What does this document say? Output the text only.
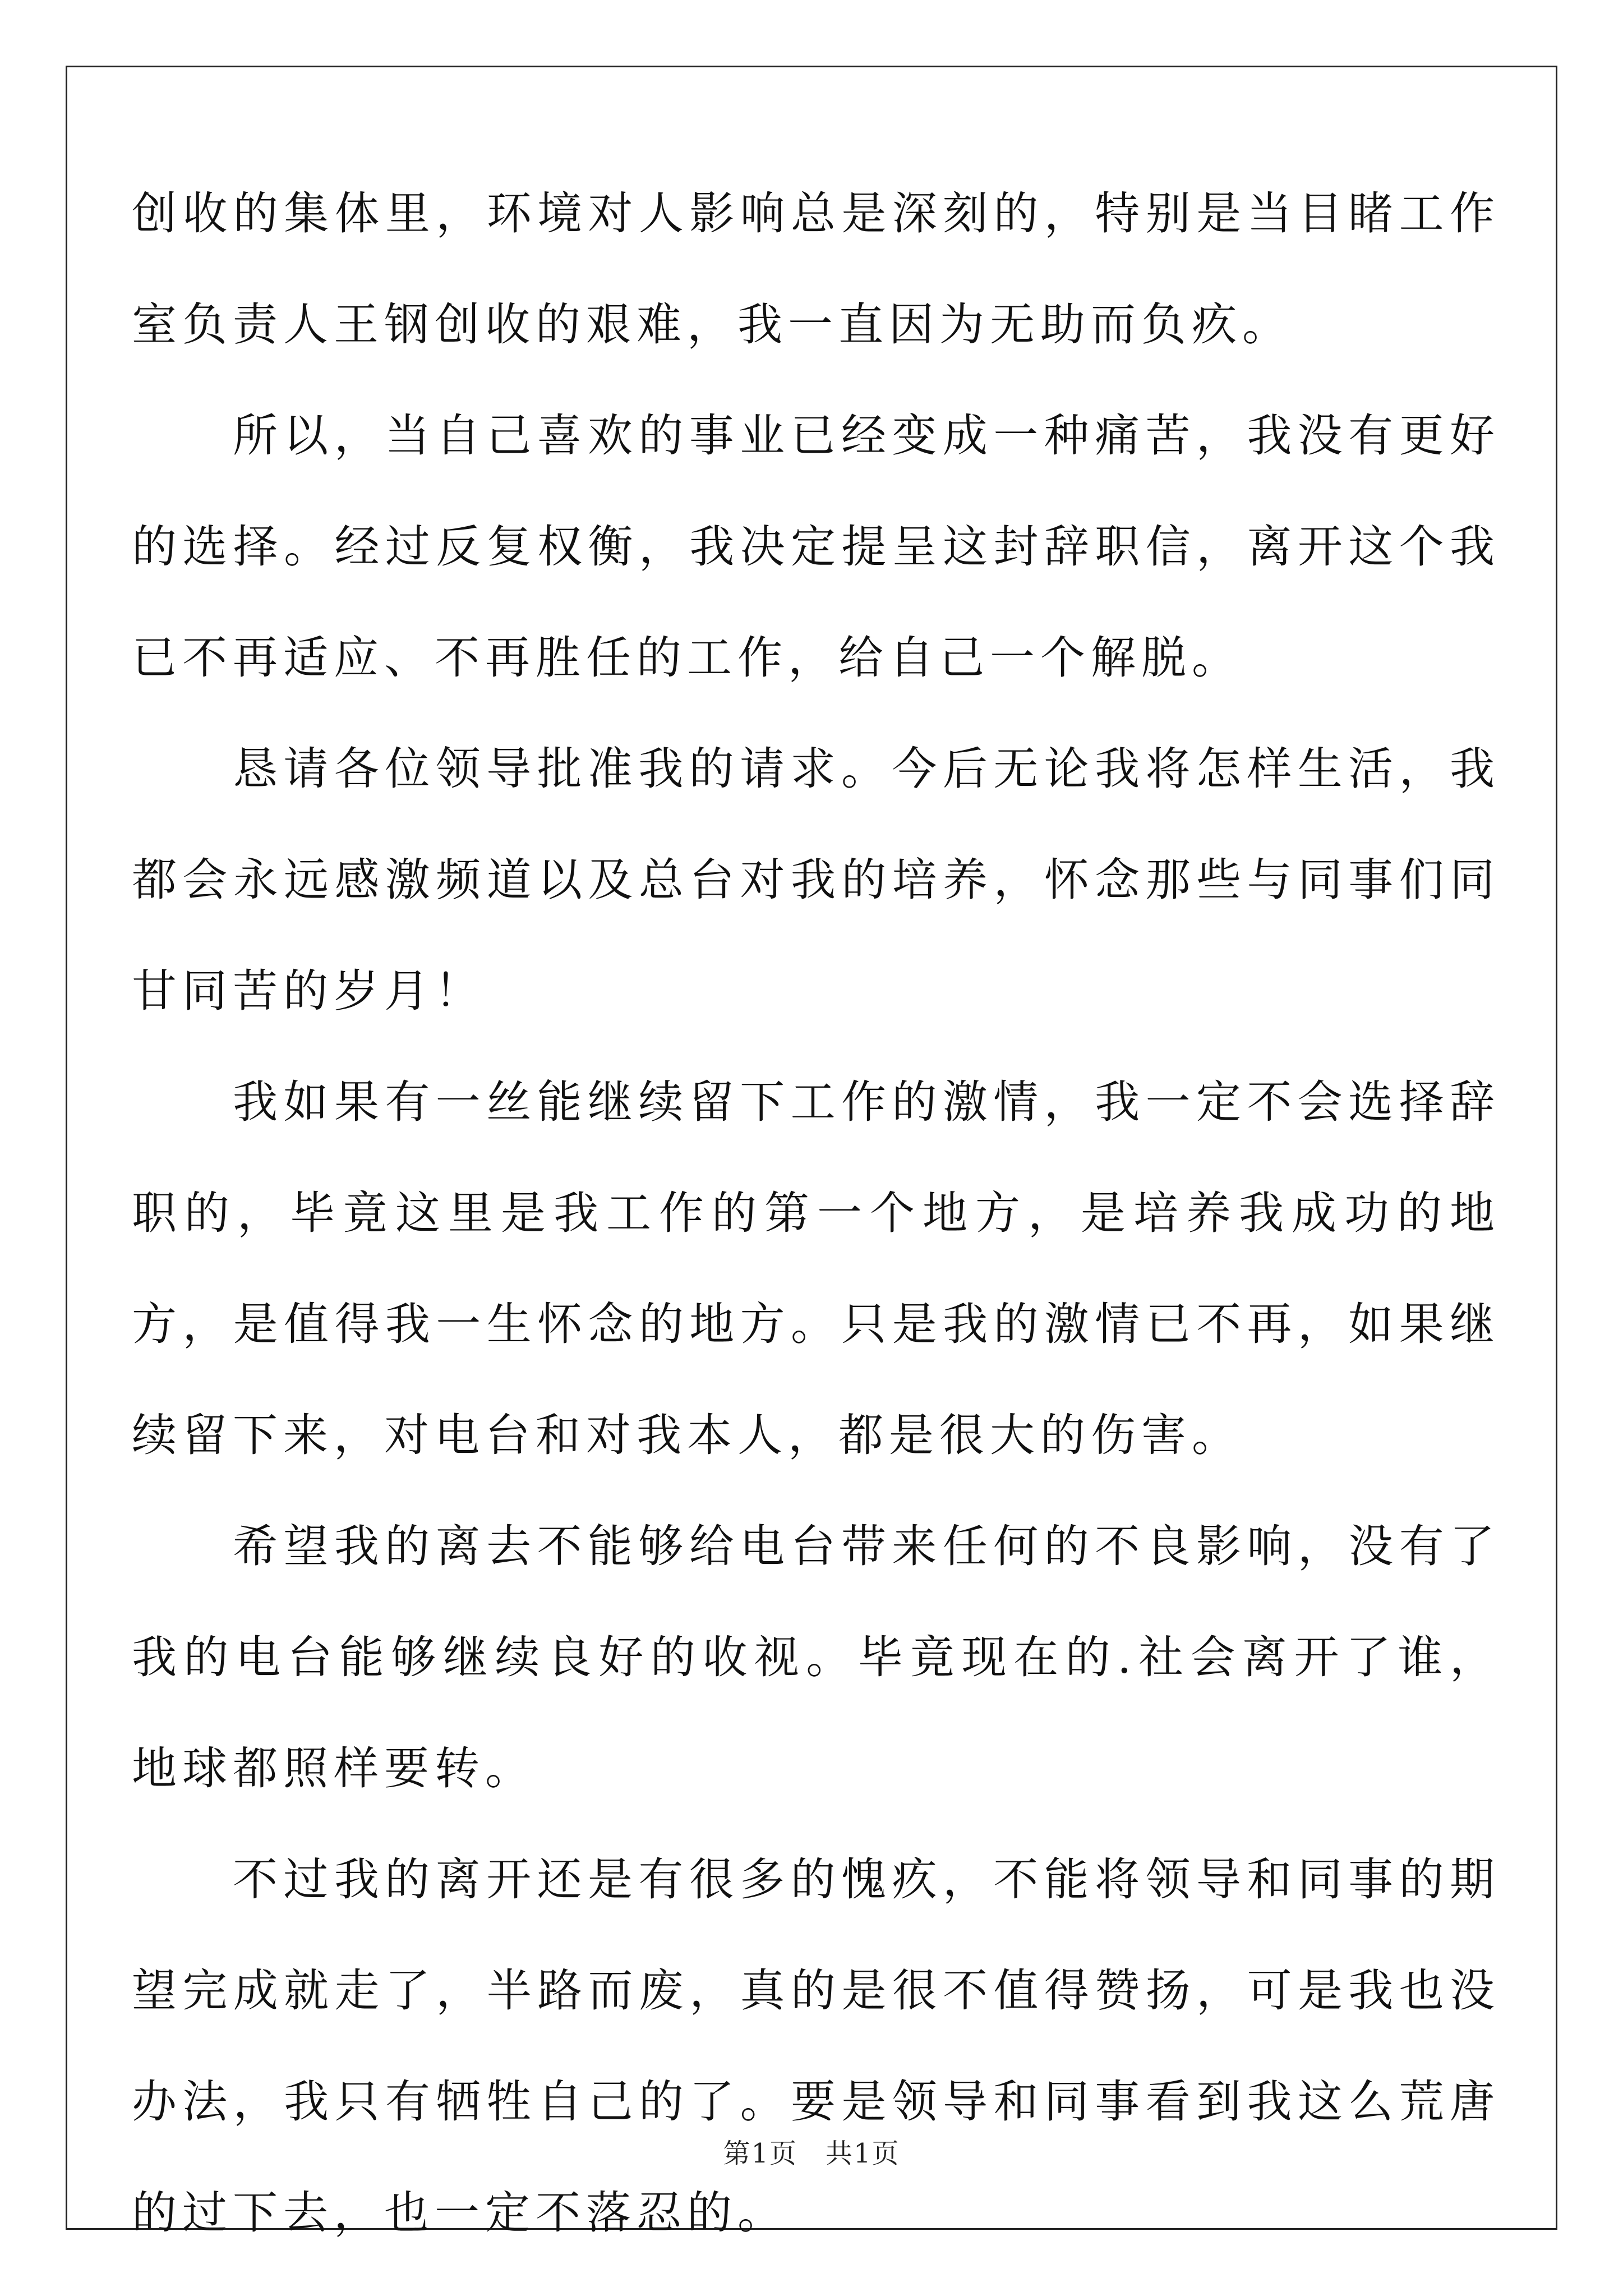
创收的集体里，环境对人影响总是深刻的，特别是当目睹工作室负责人王钢创收的艰难，我一直因为无助而负疚。

所以，当自己喜欢的事业已经变成一种痛苦，我没有更好的选择。经过反复权衡，我决定提呈这封辞职信，离开这个我已不再适应、不再胜任的工作，给自己一个解脱。

恳请各位领导批准我的请求。今后无论我将怎样生活，我都会永远感激频道以及总台对我的培养，怀念那些与同事们同甘同苦的岁月！

我如果有一丝能继续留下工作的激情，我一定不会选择辞职的，毕竟这里是我工作的第一个地方，是培养我成功的地方，是值得我一生怀念的地方。只是我的激情已不再，如果继续留下来，对电台和对我本人，都是很大的伤害。

希望我的离去不能够给电台带来任何的不良影响，没有了我的电台能够继续良好的收视。毕竟现在的.社会离开了谁，地球都照样要转。

不过我的离开还是有很多的愧疚，不能将领导和同事的期望完成就走了，半路而废，真的是很不值得赞扬，可是我也没办法，我只有牺牲自己的了。要是领导和同事看到我这么荒唐的过下去，也一定不落忍的。

第1页 共1页
